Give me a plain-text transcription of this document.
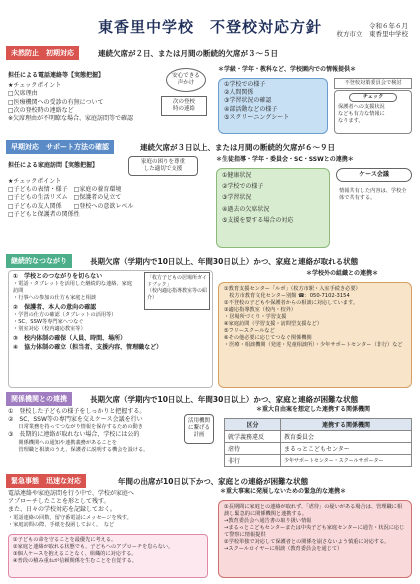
東香里中学校　不登校対応方針	令和６年６月
枚方市立　東香里中学校
未然防止　初期対応	連続欠席が２日、または月間の断続的欠席が３～５日
担任による電話連絡等【実態把握】
★チェックポイント
□欠席理由
□医療機関への受診の有無について
□次の登校時の連絡など
※欠席理由が不明瞭な場合、家庭訪問等で確認
安心できる
声かけ
次の登校
時の連絡
＊学級・学年・教科など、学校園内での情報提供＊
①学校での様子
②人間関係
③学習状況の確認
④部活動などの様子
⑤スクリーニングシート
不登校対策委員会で検討
チェック
保護者への支援状況
なども有力な情報に
なります。
早期対応　サポート方法の確認	連続欠席が３日以上、または月間の断続的欠席が６～９日
担任による家庭訪問【実態把握】	家庭の困りを尊重
した適切で支援
★チェックポイント
□子どもの表情・様子　□家庭の養育環境
□子どもの生活リズム　□保護者の見立て
□子どもの友人関係　　□登校への意欲レベル
□子どもと保護者の関係性
＊生徒指導・学年・委員会・SC・SSWとの連携＊
①健康状況
②学校での様子
③学習状況
④過去の欠席状況
⑤支援を要する場合の対応
ケース会議
情報共有した内容は、学校全体で共有する。
継続的なつながり	長期欠席（学期内で10日以上、年間30日以上）かつ、家庭と連絡が取れる状態
①　学校とのつながりを切らない
・電話・タブレットを活用した継続的な連絡、家庭訪問
・行事への参加の仕方も家庭と相談
②　保護者、本人の意向の確認
・学習の仕方の確認（タブレットの活用等）
・SC、SSW等専門家へつなぐ
・別室対応（校内適応教室等）
③　校内体制の確保（人員、時間、場所）
④　協力体制の確立（担当者、支援内容、管理職など）
「枚方子どもの居場所ガイドブック」
（校内適応指導教室等の紹介）
＊学校外の組織との連携＊
①教育支援センター「ルポ」（枚方市駅・入室手続き必要）
　枚方市教育文化センター別館 ☎：050-7102-3154
②不登校の子どもや保護者からの相談に対応しています。
③適応指導教室（校内・校外）
・居場所づくり・学習支援
④家庭訪問（学習支援・訪問型支援など）
⑤フリースクールなど
⑥その他必要に応じてつなぐ関係機関
・医療・相談機関（発達・児童相談所）・少年サポートセンター（非行）など
関係機関との連携	長期欠席（学期内で10日以上、年間30日以上）かつ、家庭と連絡が困難な状態
①　登校した子どもの様子をしっかりと把握する。
②　SC、SSW等の専門家を交えケース会議を行い
　　日常業務を持ってつながり情報を保存するための動き
③　長期的に連絡が取れない場合、学校には公的
　　関係機関への通知や連携義務があることを
　　管理職と相談のうえ、保護者に説明する機会を設ける。
活用機関
に繋げる
計画
＊重大自由案を想定した連携する関係機関
区分	連携する関係機関
就学義務違反	教育委員会
虐待	まるっとこどもセンター
非行	少年サポートセンター・スクールサポーター
緊急事態　迅速な対応	年間の出席が10日以下かつ、家庭との連絡が困難な状態
電話連絡や家庭訪問を行う中で、学校が家庭へ
アプローチしたことを形として残す。
また、日々の学校対応を記録しておく。
・電話連絡の回数、留守番電話にメッセージを残す。
・家庭訪問の際、手紙を投函しておく。　など
①子どもの命を守ることを最優先に考える。
②家庭と連絡が取れる状態でも、子どもへのアプローチを怠らない。
③個人ケースを抱えることなく、組織的に対応する。
④普段の積み重ねが信頼関係を生むことを自覚する。
＊重大事案に発展しないための緊急的な連携＊
①長期間に家庭との連絡が取れず、「虐待」の疑いがある場合は、管理職に相談し緊急的に関係機関と連携する。
→教育委員会へ通告書の取り扱い情報
→まるっとこどもセンターまたは中央子ども家庭センターに通告・状況に応じて警察に情報提供
②学校単独で対応して保護者との関係を崩さないよう慎重に対応する。
→スクールロイヤーに相談（教育委員会を通じて）
